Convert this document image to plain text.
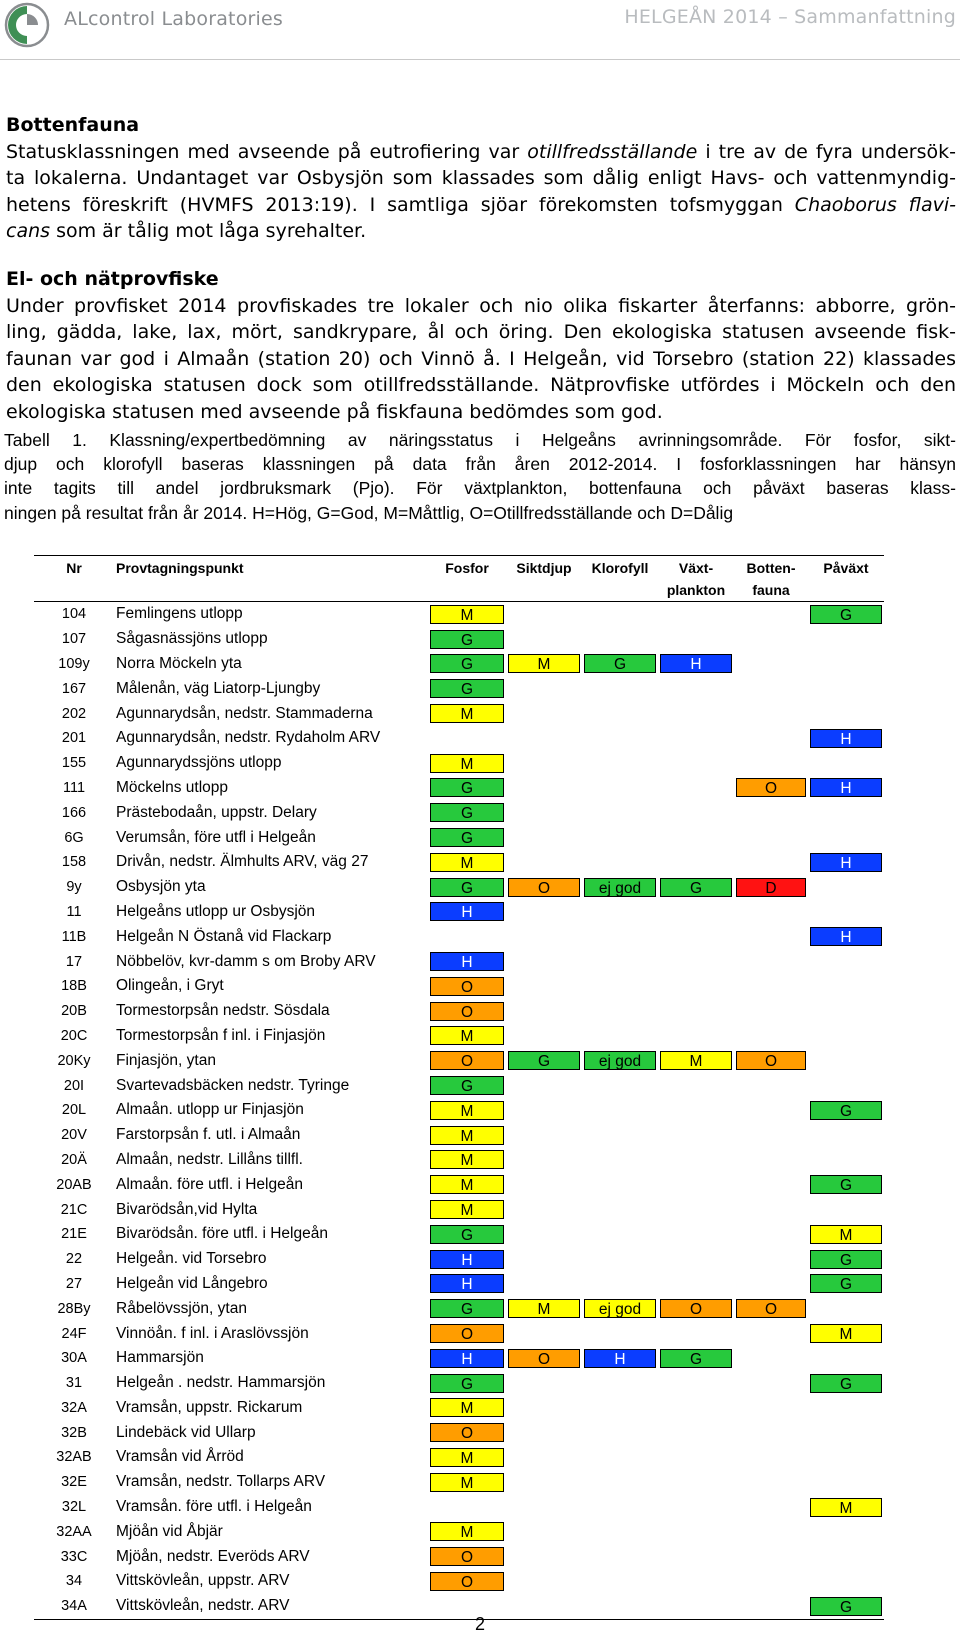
ALcontrol Laboratories	HELGEÅN 2014 – Sammanfattning
Bottenfauna
Statusklassningen med avseende på eutrofiering var otillfredsställande i tre av de fyra undersök-
ta lokalerna. Undantaget var Osbysjön som klassades som dålig enligt Havs- och vattenmyndig-
hetens föreskrift (HVMFS 2013:19). I samtliga sjöar förekomsten tofsmyggan Chaoborus flavi-
cans som är tålig mot låga syrehalter.
El- och nätprovfiske
Under provfisket 2014 provfiskades tre lokaler och nio olika fiskarter återfanns: abborre, grön-
ling, gädda, lake, lax, mört, sandkrypare, ål och öring. Den ekologiska statusen avseende fisk-
faunan var god i Almaån (station 20) och Vinnö å. I Helgeån, vid Torsebro (station 22) klassades
den ekologiska statusen dock som otillfredsställande. Nätprovfiske utfördes i Möckeln och den
ekologiska statusen med avseende på fiskfauna bedömdes som god.
Tabell 1. Klassning/expertbedömning av näringsstatus i Helgeåns avrinningsområde. För fosfor, sikt-
djup och klorofyll baseras klassningen på data från åren 2012-2014. I fosforklassningen har hänsyn
inte tagits till andel jordbruksmark (Pjo). För växtplankton, bottenfauna och påväxt baseras klass-
ningen på resultat från år 2014. H=Hög, G=God, M=Måttlig, O=Otillfredsställande och D=Dålig
Nr	Provtagningspunkt	Fosfor	Siktdjup	Klorofyll	Växt-	Botten-	Påväxt
					plankton	fauna	
104	Femlingens utlopp	M					G

107	Sågasnässjöns utlopp	G					

109y	Norra Möckeln yta	G	M	G	H		

167	Målenån, väg Liatorp-Ljungby	G					

202	Agunnarydsån, nedstr. Stammaderna	M					

201	Agunnarydsån, nedstr. Rydaholm ARV						H

155	Agunnarydssjöns utlopp	M					

111	Möckelns utlopp	G				O	H

166	Prästebodaån, uppstr. Delary	G					

6G	Verumsån, före utfl i Helgeån	G					

158	Drivån, nedstr. Älmhults ARV, väg 27	M					H

9y	Osbysjön yta	G	O	ej god	G	D	

11	Helgeåns utlopp ur Osbysjön	H					

11B	Helgeån N Östanå vid Flackarp						H

17	Nöbbelöv, kvr-damm s om Broby ARV	H					

18B	Olingeån, i Gryt	O					

20B	Tormestorpsån nedstr. Sösdala	O					

20C	Tormestorpsån f inl. i Finjasjön	M					

20Ky	Finjasjön, ytan	O	G	ej god	M	O	

20I	Svartevadsbäcken nedstr. Tyringe	G					

20L	Almaån. utlopp ur Finjasjön	M					G

20V	Farstorpsån f. utl. i Almaån	M					

20Ä	Almaån, nedstr. Lillåns tillfl.	M					

20AB	Almaån. före utfl. i Helgeån	M					G

21C	Bivarödsån,vid Hylta	M					

21E	Bivarödsån. före utfl. i Helgeån	G					M

22	Helgeån. vid Torsebro	H					G

27	Helgeån vid Långebro	H					G

28By	Råbelövssjön, ytan	G	M	ej god	O	O	

24F	Vinnöån. f inl. i Araslövssjön	O					M

30A	Hammarsjön	H	O	H	G		

31	Helgeån . nedstr. Hammarsjön	G					G

32A	Vramsån, uppstr. Rickarum	M					

32B	Lindebäck vid Ullarp	O					

32AB	Vramsån vid Årröd	M					

32E	Vramsån, nedstr. Tollarps ARV	M					

32L	Vramsån. före utfl. i Helgeån						M

32AA	Mjöån vid Åbjär	M					

33C	Mjöån, nedstr. Everöds ARV	O					

34	Vittskövleån, uppstr. ARV	O					

34A	Vittskövleån, nedstr. ARV						G
2
